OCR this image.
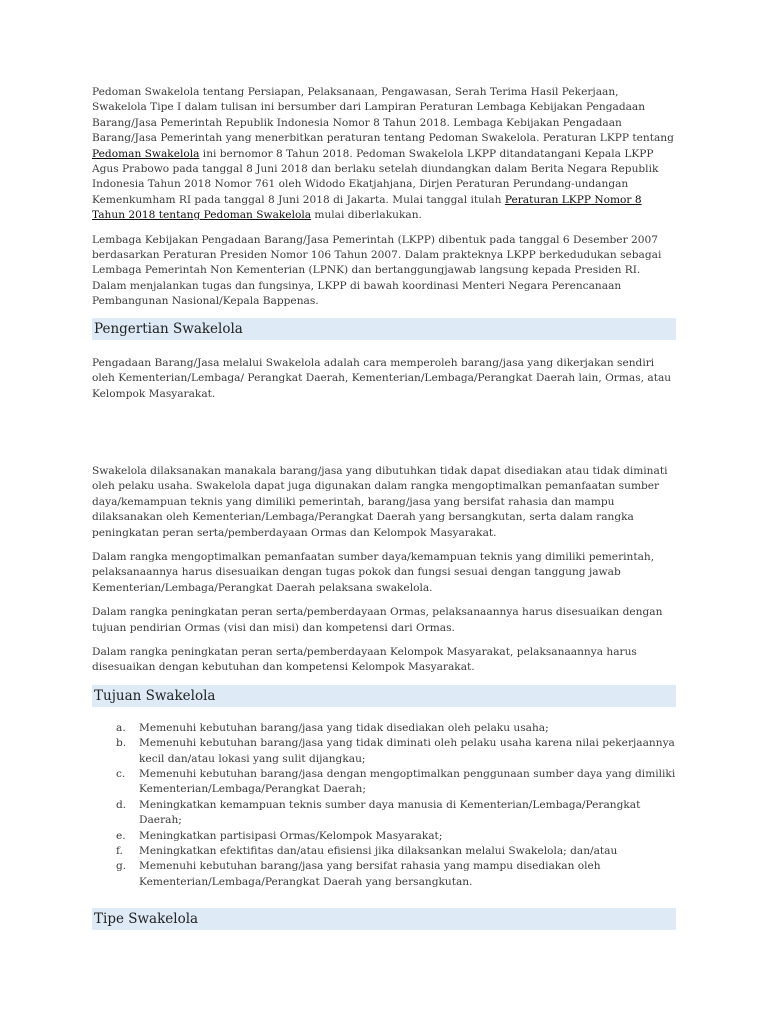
Pedoman Swakelola tentang Persiapan, Pelaksanaan, Pengawasan, Serah Terima Hasil Pekerjaan, Swakelola Tipe I dalam tulisan ini bersumber dari Lampiran Peraturan Lembaga Kebijakan Pengadaan Barang/Jasa Pemerintah Republik Indonesia Nomor 8 Tahun 2018. Lembaga Kebijakan Pengadaan Barang/Jasa Pemerintah yang menerbitkan peraturan tentang Pedoman Swakelola. Peraturan LKPP tentang Pedoman Swakelola ini bernomor 8 Tahun 2018. Pedoman Swakelola LKPP ditandatangani Kepala LKPP Agus Prabowo pada tanggal 8 Juni 2018 dan berlaku setelah diundangkan dalam Berita Negara Republik Indonesia Tahun 2018 Nomor 761 oleh Widodo Ekatjahjana, Dirjen Peraturan Perundang-undangan Kemenkumham RI pada tanggal 8 Juni 2018 di Jakarta. Mulai tanggal itulah Peraturan LKPP Nomor 8 Tahun 2018 tentang Pedoman Swakelola mulai diberlakukan.

Lembaga Kebijakan Pengadaan Barang/Jasa Pemerintah (LKPP) dibentuk pada tanggal 6 Desember 2007 berdasarkan Peraturan Presiden Nomor 106 Tahun 2007. Dalam prakteknya LKPP berkedudukan sebagai Lembaga Pemerintah Non Kementerian (LPNK) dan bertanggungjawab langsung kepada Presiden RI. Dalam menjalankan tugas dan fungsinya, LKPP di bawah koordinasi Menteri Negara Perencanaan Pembangunan Nasional/Kepala Bappenas.

Pengertian Swakelola

Pengadaan Barang/Jasa melalui Swakelola adalah cara memperoleh barang/jasa yang dikerjakan sendiri oleh Kementerian/Lembaga/ Perangkat Daerah, Kementerian/Lembaga/Perangkat Daerah lain, Ormas, atau Kelompok Masyarakat.

Swakelola dilaksanakan manakala barang/jasa yang dibutuhkan tidak dapat disediakan atau tidak diminati oleh pelaku usaha. Swakelola dapat juga digunakan dalam rangka mengoptimalkan pemanfaatan sumber daya/kemampuan teknis yang dimiliki pemerintah, barang/jasa yang bersifat rahasia dan mampu dilaksanakan oleh Kementerian/Lembaga/Perangkat Daerah yang bersangkutan, serta dalam rangka peningkatan peran serta/pemberdayaan Ormas dan Kelompok Masyarakat.

Dalam rangka mengoptimalkan pemanfaatan sumber daya/kemampuan teknis yang dimiliki pemerintah, pelaksanaannya harus disesuaikan dengan tugas pokok dan fungsi sesuai dengan tanggung jawab Kementerian/Lembaga/Perangkat Daerah pelaksana swakelola.

Dalam rangka peningkatan peran serta/pemberdayaan Ormas, pelaksanaannya harus disesuaikan dengan tujuan pendirian Ormas (visi dan misi) dan kompetensi dari Ormas.

Dalam rangka peningkatan peran serta/pemberdayaan Kelompok Masyarakat, pelaksanaannya harus disesuaikan dengan kebutuhan dan kompetensi Kelompok Masyarakat.

Tujuan Swakelola
a. Memenuhi kebutuhan barang/jasa yang tidak disediakan oleh pelaku usaha;
b. Memenuhi kebutuhan barang/jasa yang tidak diminati oleh pelaku usaha karena nilai pekerjaannya kecil dan/atau lokasi yang sulit dijangkau;
c. Memenuhi kebutuhan barang/jasa dengan mengoptimalkan penggunaan sumber daya yang dimiliki Kementerian/Lembaga/Perangkat Daerah;
d. Meningkatkan kemampuan teknis sumber daya manusia di Kementerian/Lembaga/Perangkat Daerah;
e. Meningkatkan partisipasi Ormas/Kelompok Masyarakat;
f. Meningkatkan efektifitas dan/atau efisiensi jika dilaksankan melalui Swakelola; dan/atau
g. Memenuhi kebutuhan barang/jasa yang bersifat rahasia yang mampu disediakan oleh Kementerian/Lembaga/Perangkat Daerah yang bersangkutan.
Tipe Swakelola
